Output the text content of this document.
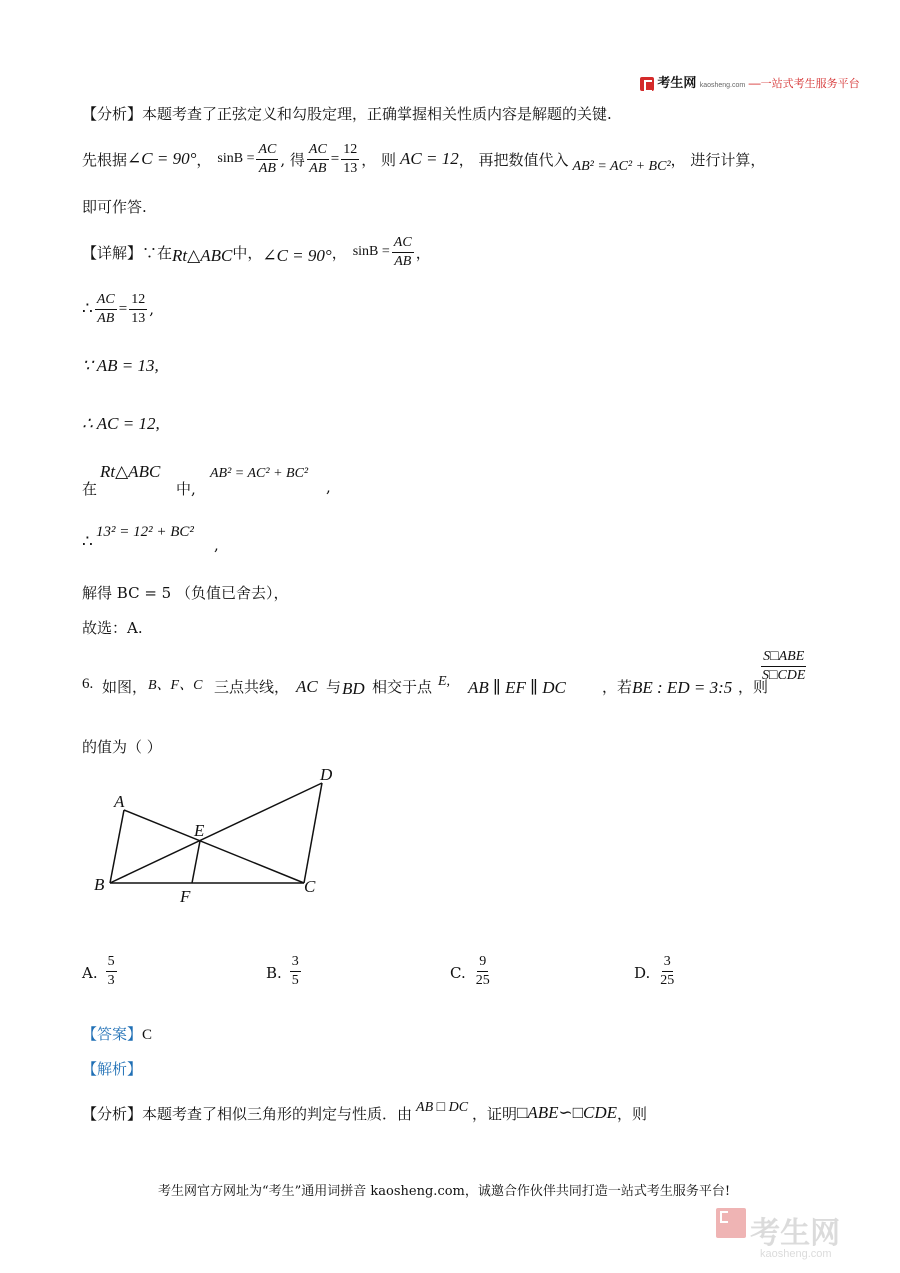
考生网 kaosheng.com —一站式考生服务平台
【分析】本题考查了正弦定义和勾股定理，正确掌握相关性质内容是解题的关键.
先根据 ∠C = 90° ， $\sin B = \frac{AC}{AB}$ , 得 $\frac{AC}{AB} = \frac{12}{13}$ ， 则 AC = 12 ， 再把数值代入 AB² = AC² + BC² ， 进行计算，
即可作答.
【详解】 ∵在 Rt△ABC 中， ∠C = 90° ， $\sin B = \frac{AC}{AB}$ ，
∴ $\frac{AC}{AB} = \frac{12}{13}$ ,
∵ AB = 13,
∴ AC = 12,
在
Rt△ABC
中,
AB² = AC² + BC²
,
∴ 13² = 12² + BC²
,
解得 BC = 5 （负值已舍去），
故选：A.
6. 如图， B、F、C 三点共线， AC 与 BD 相交于点 E, AB ∥ EF ∥ DC ，若 BE : ED = 3:5 ，则
S□ABE
S□CDE
的值为（ ）
A
B	C
D
E
F
A. $\frac{5}{3}$	B. $\frac{3}{5}$	C. $\frac{9}{25}$	D. $\frac{3}{25}$
【答案】C
【解析】
【分析】 本题考查了相似三角形的判定与性质．由 AB □ DC ，证明 □ABE∽□CDE ，则
考生网官方网址为“考生”通用词拼音 kaosheng.com，诚邀合作伙伴共同打造一站式考生服务平台!
考生网
kaosheng.com
